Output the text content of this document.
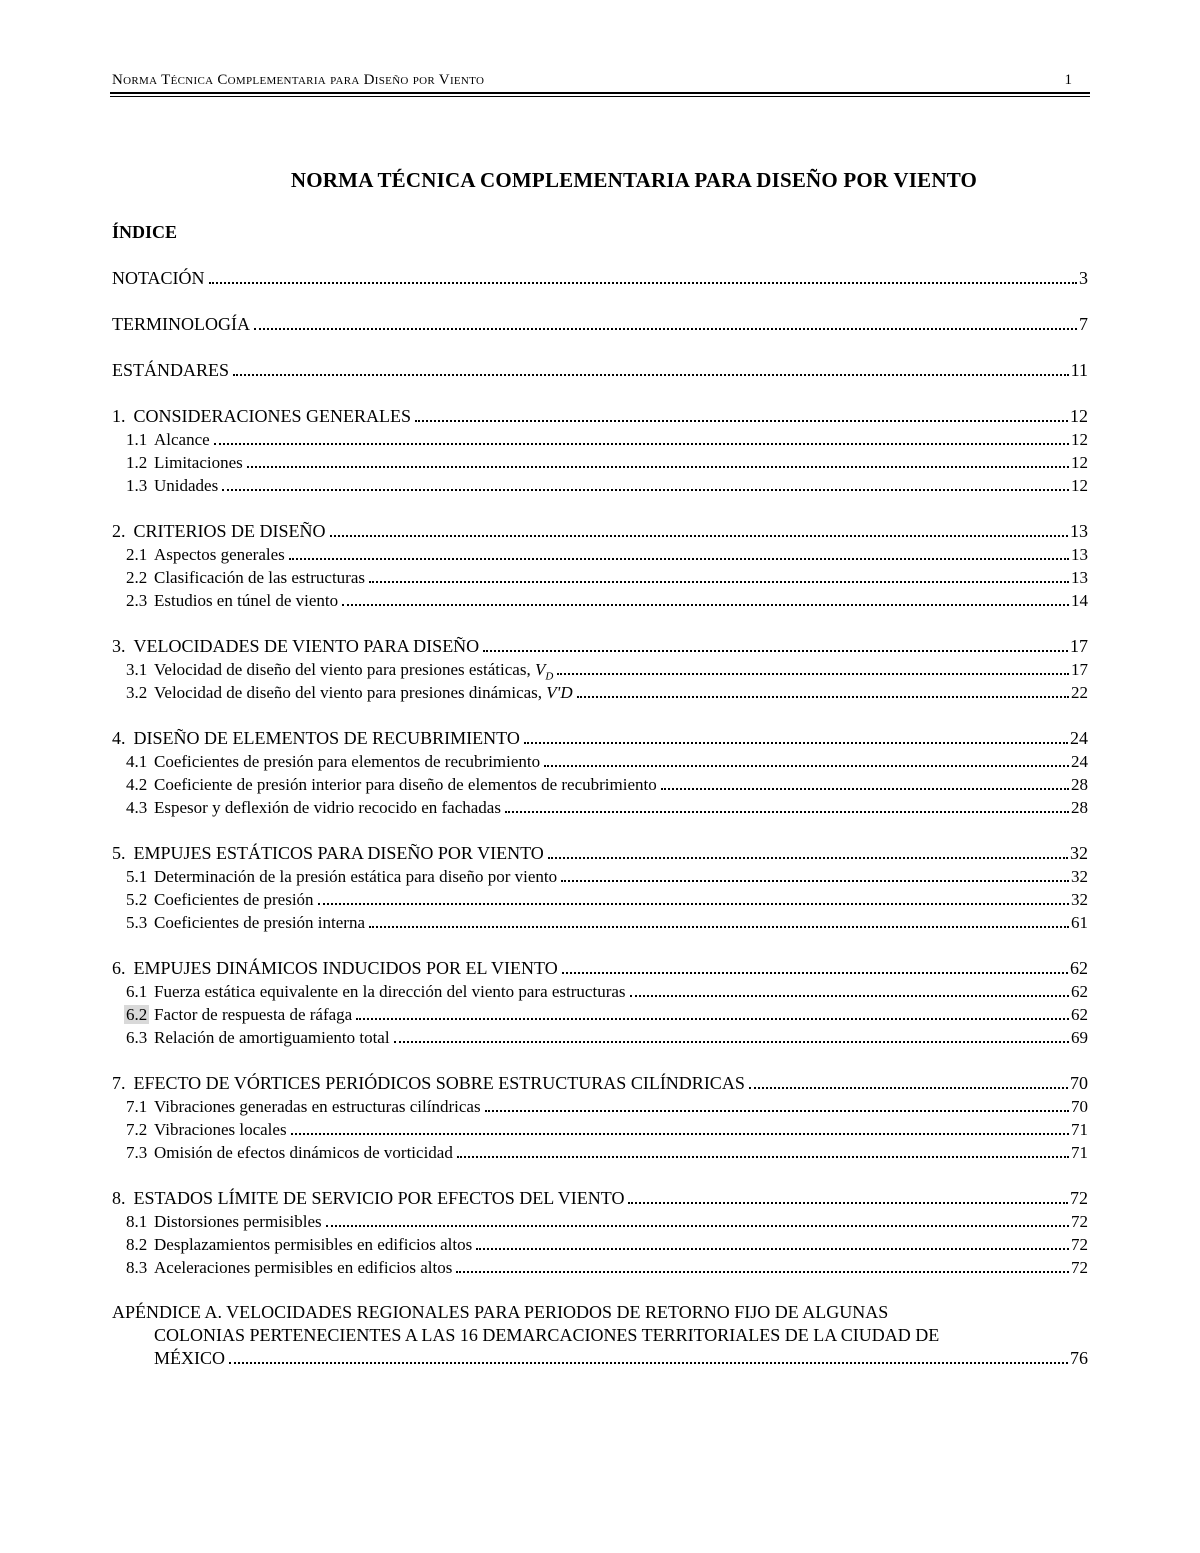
Norma Técnica Complementaria para Diseño por Viento	1
NORMA TÉCNICA COMPLEMENTARIA PARA DISEÑO POR VIENTO
ÍNDICE
NOTACIÓN	3
TERMINOLOGÍA	7
ESTÁNDARES	11
1. CONSIDERACIONES GENERALES	12
1.1 Alcance	12
1.2 Limitaciones	12
1.3 Unidades	12
2. CRITERIOS DE DISEÑO	13
2.1 Aspectos generales	13
2.2 Clasificación de las estructuras	13
2.3 Estudios en túnel de viento	14
3. VELOCIDADES DE VIENTO PARA DISEÑO	17
3.1 Velocidad de diseño del viento para presiones estáticas, $V_D$	17
3.2 Velocidad de diseño del viento para presiones dinámicas, V'D	22
4. DISEÑO DE ELEMENTOS DE RECUBRIMIENTO	24
4.1 Coeficientes de presión para elementos de recubrimiento	24
4.2 Coeficiente de presión interior para diseño de elementos de recubrimiento	28
4.3 Espesor y deflexión de vidrio recocido en fachadas	28
5. EMPUJES ESTÁTICOS PARA DISEÑO POR VIENTO	32
5.1 Determinación de la presión estática para diseño por viento	32
5.2 Coeficientes de presión	32
5.3 Coeficientes de presión interna	61
6. EMPUJES DINÁMICOS INDUCIDOS POR EL VIENTO	62
6.1 Fuerza estática equivalente en la dirección del viento para estructuras	62
6.2 Factor de respuesta de ráfaga	62
6.3 Relación de amortiguamiento total	69
7. EFECTO DE VÓRTICES PERIÓDICOS SOBRE ESTRUCTURAS CILÍNDRICAS	70
7.1 Vibraciones generadas en estructuras cilíndricas	70
7.2 Vibraciones locales	71
7.3 Omisión de efectos dinámicos de vorticidad	71
8. ESTADOS LÍMITE DE SERVICIO POR EFECTOS DEL VIENTO	72
8.1 Distorsiones permisibles	72
8.2 Desplazamientos permisibles en edificios altos	72
8.3 Aceleraciones permisibles en edificios altos	72
APÉNDICE A. VELOCIDADES REGIONALES PARA PERIODOS DE RETORNO FIJO DE ALGUNAS
COLONIAS PERTENECIENTES A LAS 16 DEMARCACIONES TERRITORIALES DE LA CIUDAD DE
MÉXICO	76
